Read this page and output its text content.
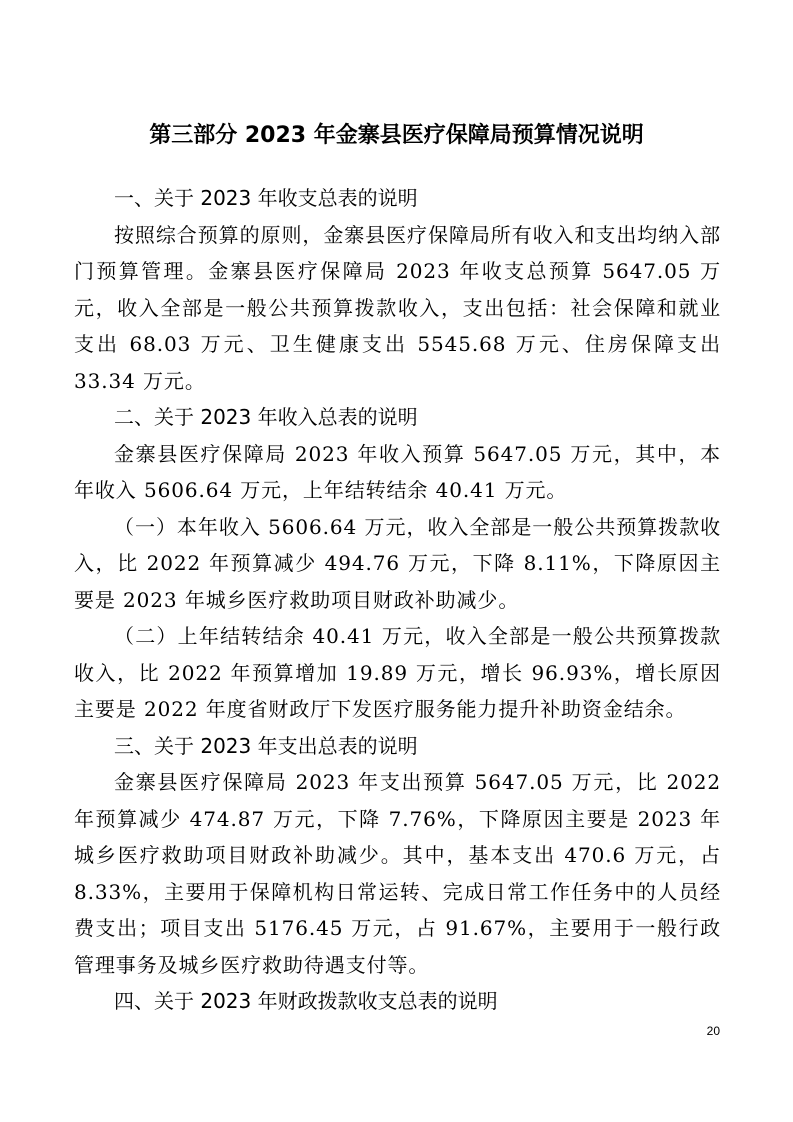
第三部分 2023 年金寨县医疗保障局预算情况说明

一、关于 2023 年收支总表的说明

按照综合预算的原则，金寨县医疗保障局所有收入和支出均纳入部门预算管理。金寨县医疗保障局 2023 年收支总预算 5647.05 万元，收入全部是一般公共预算拨款收入，支出包括：社会保障和就业支出 68.03 万元、卫生健康支出 5545.68 万元、住房保障支出 33.34 万元。

二、关于 2023 年收入总表的说明

金寨县医疗保障局 2023 年收入预算 5647.05 万元，其中，本年收入 5606.64 万元，上年结转结余 40.41 万元。

（一）本年收入 5606.64 万元，收入全部是一般公共预算拨款收入，比 2022 年预算减少 494.76 万元，下降 8.11%，下降原因主要是 2023 年城乡医疗救助项目财政补助减少。

（二）上年结转结余 40.41 万元，收入全部是一般公共预算拨款收入，比 2022 年预算增加 19.89 万元，增长 96.93%，增长原因主要是 2022 年度省财政厅下发医疗服务能力提升补助资金结余。

三、关于 2023 年支出总表的说明

金寨县医疗保障局 2023 年支出预算 5647.05 万元，比 2022 年预算减少 474.87 万元，下降 7.76%，下降原因主要是 2023 年城乡医疗救助项目财政补助减少。其中，基本支出 470.6 万元，占 8.33%，主要用于保障机构日常运转、完成日常工作任务中的人员经费支出；项目支出 5176.45 万元，占 91.67%，主要用于一般行政管理事务及城乡医疗救助待遇支付等。

四、关于 2023 年财政拨款收支总表的说明

20
